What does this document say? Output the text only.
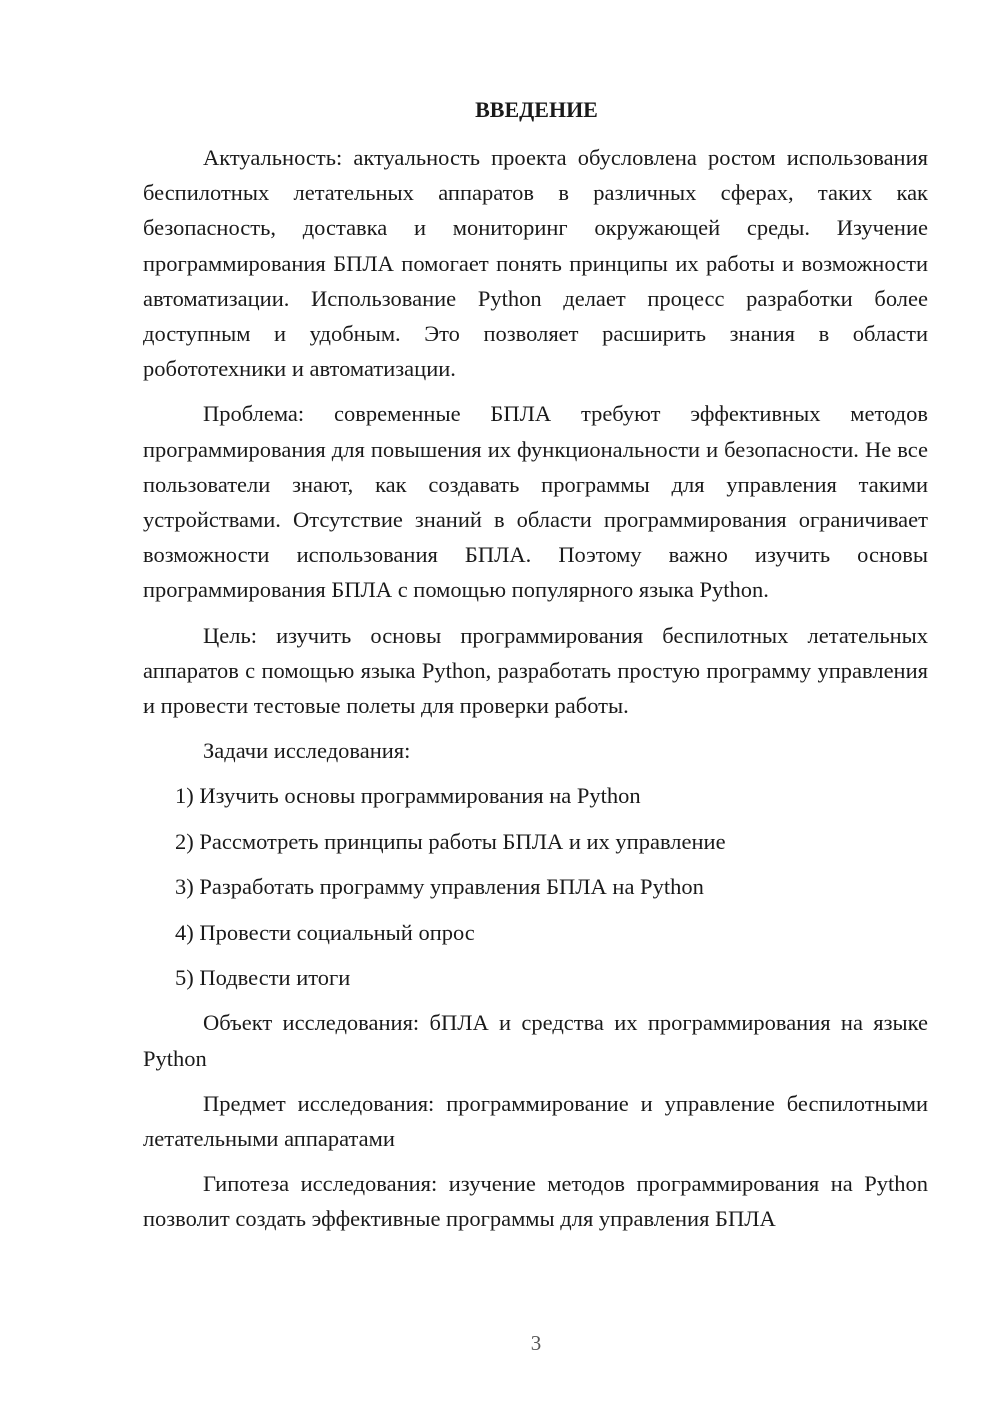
ВВЕДЕНИЕ

Актуальность: актуальность проекта обусловлена ростом использования беспилотных летательных аппаратов в различных сферах, таких как безопасность, доставка и мониторинг окружающей среды. Изучение программирования БПЛА помогает понять принципы их работы и возможности автоматизации. Использование Python делает процесс разработки более доступным и удобным. Это позволяет расширить знания в области робототехники и автоматизации.

Проблема: современные БПЛА требуют эффективных методов программирования для повышения их функциональности и безопасности. Не все пользователи знают, как создавать программы для управления такими устройствами. Отсутствие знаний в области программирования ограничивает возможности использования БПЛА. Поэтому важно изучить основы программирования БПЛА с помощью популярного языка Python.

Цель: изучить основы программирования беспилотных летательных аппаратов с помощью языка Python, разработать простую программу управления и провести тестовые полеты для проверки работы.

Задачи исследования:

1) Изучить основы программирования на Python
2) Рассмотреть принципы работы БПЛА и их управление
3) Разработать программу управления БПЛА на Python
4) Провести социальный опрос
5) Подвести итоги

Объект исследования: бПЛА и средства их программирования на языке Python

Предмет исследования: программирование и управление беспилотными летательными аппаратами

Гипотеза исследования: изучение методов программирования на Python позволит создать эффективные программы для управления БПЛА

3
